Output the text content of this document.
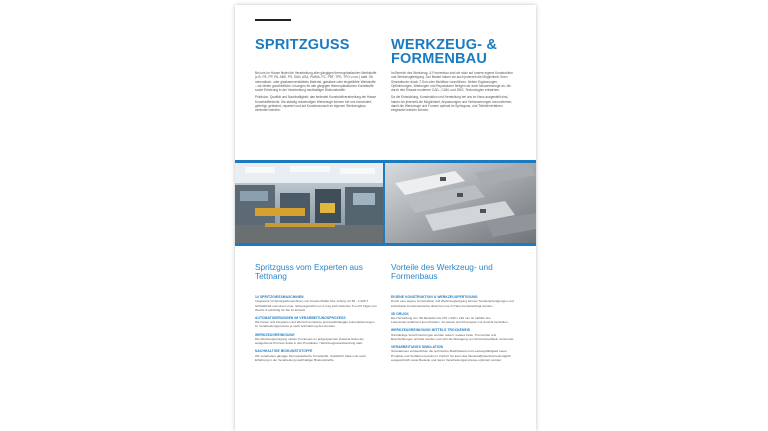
SPRITZGUSS	WERKZEUG- &
FORMENBAU

Bei uns im Hause findet die Verarbeitung aller gängigen thermoplastischen Werkstoffe (z.B. PE, PP, PA, ABS, PS, SAN, ASA, PMMA, PC, PBT, TPE, TPO u.v.m.) statt. Ob mineralisch- oder glasfaserverstärktes Material, glasklare oder eingefärbte Werkstoffe – wir bieten ganzheitliche Lösungen für alle gängigen thermoplastischen Kunststoffe sowie Erfahrung in der Verarbeitung nachhaltiger Biokunststoffe.

Präzision, Qualität und Nachhaltigkeit: das bedeutet Kunststoffverarbeitung bei Hasse Kunststofftechnik. Die ständig notwendigen Werkzeuge können bei uns konstruiert, gefertigt, geändert, repariert und auf Kundenwunsch im eigenen Werkzeugbau verändert werden.

Im Bereich des Werkzeug- & Formenbau sind wir stolz auf unsere eigene Konstruktion und Werkzeugfertigung. Der Bedarf haben wir auch jederzeit die Möglichkeit, Ihren Simulationen durch T-Son oder Moldflow vorzuführen. Neben Ergänzungen, Optimierungen, Wartungen und Reparaturen fertigen wir auch Neuwerkzeuge an, die durch den Einsatz moderner CAD-, CAM- und DNS- Technologien entstehen.

Da die Entwicklung, Konstruktion und Herstellung bei uns im Haus ausgestellt sind, haben wir jederzeit die Möglichkeit, Anpassungen und Verbesserungen vorzunehmen, damit die Werkzeuge und Formen optimal im Spritzguss- und Tiefziehverfahren eingesetzt werden können.

Spritzguss vom Experten aus Tettnang
Vorteile des Werkzeug- und Formenbaus
14 SPRITZGIESSMASCHINEN
Insgesamt 14 Spritzgießmaschinen von Krauss Maffei bzw. Arburg mit 50 - 1.000 T Schließkraft und einem max. Schussgewicht von 2,4 kg sind zwischen 5 und 6 Tagen pro Woche 3-schichtig für Sie im Einsatz.
AUTOMATISIERUNGEN IM VERARBEITUNGSPROZESS
Wir bauen und integrieren auf Wunsch komplexe prozessabhängige Automatisierungen im Verarbeitungsprozess je nach Anforderung des Kunden.
WERKZEUGREINIGUNG
Die Werkzeugreinigung mittels Trockeneis im aufgespannten Zustand findet als weitgehende Prozess direkt in den Produktion / Werkzeuginstandsetzung statt.
NACHHALTIGE BIOKUNSTSTOFFE
Wir verarbeiten gängige thermoplastische Kunststoffe. Zusätzlich haben wir auch Erfahrung in der Verarbeitung nachhaltiger Biokunststoffe.
EIGENE KONSTRUKTION & WERKZEUGFERTIGUNG
Durch eine eigene Konstruktion und Werkzeugfertigung können Sonderanfertigungen und individuelle Kundenwünsche direkt bei uns im Haus berücksichtigt werden.
3D DRUCK
Die Herstellung von 3D-Modellen bis 270 x 290 x 210 mm ist mithilfe des Lasersinterverfahrens kein Problem. So lassen sich Prototypen zur Ansicht herstellen.
WERKZEUGREINIGUNG MITTELS TROCKENEIS
Hartnäckige Verschmutzungen werden rasiert, sodass Fette, Trennmittel und Beschichtungen spürbar werden und sich die Abtragung von Schmutzpartikeln verwendet.
VERARBEITUNGS SIMULATION
Simulationen verdeutlichen die technische Machbarkeit und Leistungsfähigkeit neuer Produkte und Verfahren bereits im Vorfeld. So kann das Werkstoffpotenzial bestmöglich ausgeschöpft sowie Bauteile und deren Verarbeitungsprozesse optimiert werden.
